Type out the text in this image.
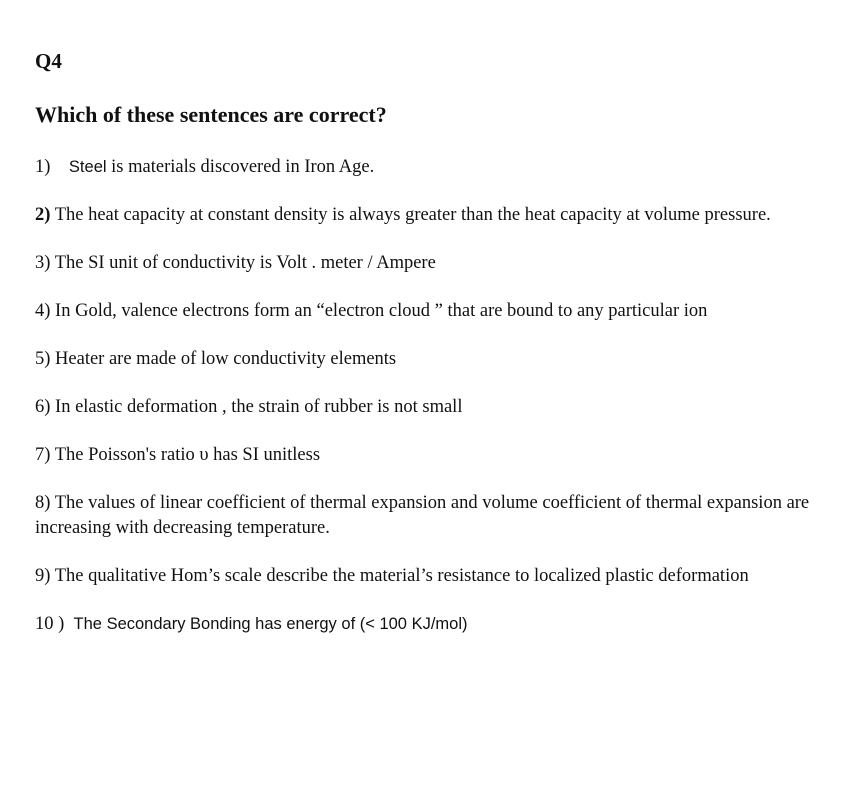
Q4
Which of these sentences are correct?
1) Steel is materials discovered in Iron Age.
2) The heat capacity at constant density is always greater than the heat capacity at volume pressure.
3) The SI unit of conductivity is Volt . meter / Ampere
4) In Gold, valence electrons form an “electron cloud ” that are bound to any particular ion
5) Heater are made of low conductivity elements
6) In elastic deformation , the strain of rubber is not small
7) The Poisson's ratio υ has SI unitless
8) The values of linear coefficient of thermal expansion and volume coefficient of thermal expansion are increasing with decreasing temperature.
9) The qualitative Hom’s scale describe the material’s resistance to localized plastic deformation
10 ) The Secondary Bonding has energy of (< 100 KJ/mol)
